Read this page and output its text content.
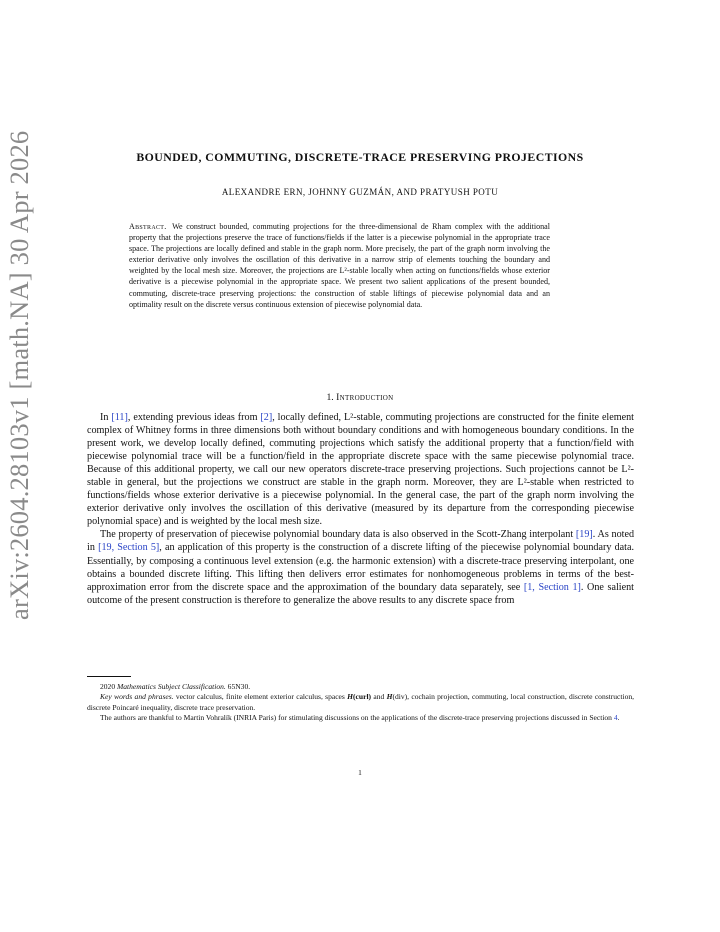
arXiv:2604.28103v1 [math.NA] 30 Apr 2026	BOUNDED, COMMUTING, DISCRETE-TRACE PRESERVING PROJECTIONS
ALEXANDRE ERN, JOHNNY GUZMÁN, AND PRATYUSH POTU
Abstract. We construct bounded, commuting projections for the three-dimensional de Rham complex with the additional property that the projections preserve the trace of functions/fields if the latter is a piecewise polynomial in the appropriate trace space. The projections are locally defined and stable in the graph norm. More precisely, the part of the graph norm involving the exterior derivative only involves the oscillation of this derivative in a narrow strip of elements touching the boundary and weighted by the local mesh size. Moreover, the projections are L²-stable locally when acting on functions/fields whose exterior derivative is a piecewise polynomial in the appropriate space. We present two salient applications of the present bounded, commuting, discrete-trace preserving projections: the construction of stable liftings of piecewise polynomial data and an optimality result on the discrete versus continuous extension of piecewise polynomial data.
1. Introduction

In [11], extending previous ideas from [2], locally defined, L²-stable, commuting projections are constructed for the finite element complex of Whitney forms in three dimensions both without boundary conditions and with homogeneous boundary conditions. In the present work, we develop locally defined, commuting projections which satisfy the additional property that a function/field with piecewise polynomial trace will be a function/field in the appropriate discrete space with the same piecewise polynomial trace. Because of this additional property, we call our new operators discrete-trace preserving projections. Such projections cannot be L²-stable in general, but the projections we construct are stable in the graph norm. Moreover, they are L²-stable when restricted to functions/fields whose exterior derivative is a piecewise polynomial. In the general case, the part of the graph norm involving the exterior derivative only involves the oscillation of this derivative (measured by its departure from the corresponding piecewise polynomial space) and is weighted by the local mesh size.

The property of preservation of piecewise polynomial boundary data is also observed in the Scott-Zhang interpolant [19]. As noted in [19, Section 5], an application of this property is the construction of a discrete lifting of the piecewise polynomial boundary data. Essentially, by composing a continuous level extension (e.g. the harmonic extension) with a discrete-trace preserving interpolant, one obtains a bounded discrete lifting. This lifting then delivers error estimates for nonhomogeneous problems in terms of the best-approximation error from the discrete space and the approximation of the boundary data separately, see [1, Section 1]. One salient outcome of the present construction is therefore to generalize the above results to any discrete space from

2020 Mathematics Subject Classification. 65N30.

Key words and phrases. vector calculus, finite element exterior calculus, spaces H(curl) and H(div), cochain projection, commuting, local construction, discrete construction, discrete Poincaré inequality, discrete trace preservation.

The authors are thankful to Martin Vohralík (INRIA Paris) for stimulating discussions on the applications of the discrete-trace preserving projections discussed in Section 4.

1
